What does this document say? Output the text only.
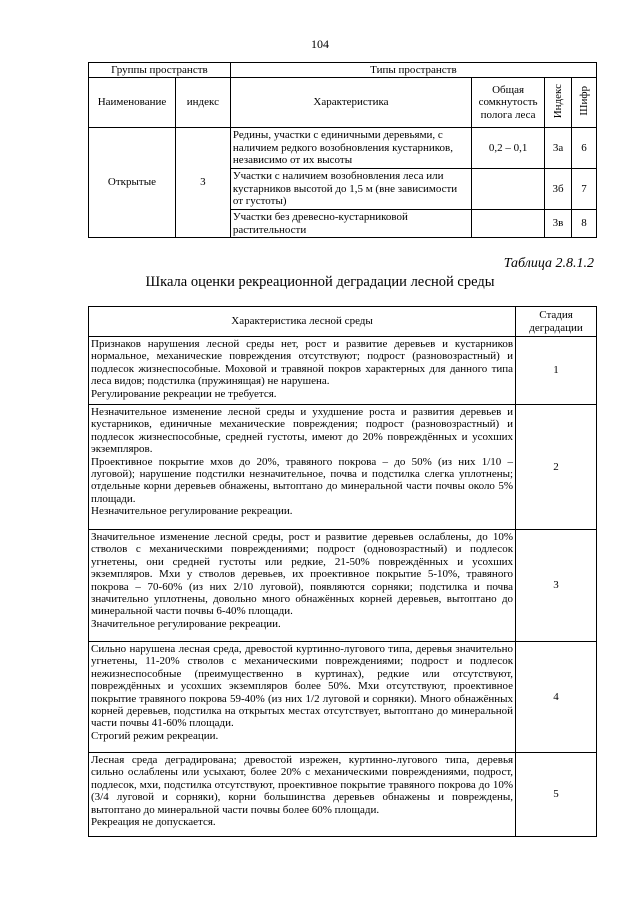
104
Группы пространств		Типы пространств			
Наименование	индекс	Характеристика	Общая сомкнутость полога леса	Индекс	Шифр
Открытые	3	Редины, участки с единичными деревьями, с наличием редкого возобновления кустарников, независимо от их высоты	0,2 – 0,1	3а	6
		Участки с наличием возобновления леса или кустарников высотой до 1,5 м (вне зависимости от густоты)		3б	7
		Участки без древесно-кустарниковой растительности		3в	8
Таблица 2.8.1.2
Шкала оценки рекреационной деградации лесной среды
Характеристика лесной среды	Стадия деградации

Признаков нарушения лесной среды нет, рост и развитие деревьев и кустарников нормальное, механические повреждения отсутствуют; подрост (разновозрастный) и подлесок жизнеспособные. Моховой и травяной покров характерных для данного типа леса видов; подстилка (пружинящая) не нарушена.

Регулирование рекреации не требуется.	1

Незначительное изменение лесной среды и ухудшение роста и развития деревьев и кустарников, единичные механические повреждения; подрост (разновозрастный) и подлесок жизнеспособные, средней густоты, имеют до 20% повреждённых и усохших экземпляров.

Проективное покрытие мхов до 20%, травяного покрова – до 50% (из них 1/10 – луговой); нарушение подстилки незначительное, почва и подстилка слегка уплотнены; отдельные корни деревьев обнажены, вытоптано до минеральной части почвы около 5% площади.

Незначительное регулирование рекреации.	2

Значительное изменение лесной среды, рост и развитие деревьев ослаблены, до 10% стволов с механическими повреждениями; подрост (одновозрастный) и подлесок угнетены, они средней густоты или редкие, 21-50% повреждённых и усохших экземпляров. Мхи у стволов деревьев, их проективное покрытие 5-10%, травяного покрова – 70-60% (из них 2/10 луговой), появляются сорняки; подстилка и почва значительно уплотнены, довольно много обнажённых корней деревьев, вытоптано до минеральной части почвы 6-40% площади.

Значительное регулирование рекреации.	3

Сильно нарушена лесная среда, древостой куртинно-лугового типа, деревья значительно угнетены, 11-20% стволов с механическими повреждениями; подрост и подлесок нежизнеспособные (преимущественно в куртинах), редкие или отсутствуют, повреждённых и усохших экземпляров более 50%. Мхи отсутствуют, проективное покрытие травяного покрова 59-40% (из них 1/2 луговой и сорняки). Много обнажённых корней деревьев, подстилка на открытых местах отсутствует, вытоптано до минеральной части почвы 41-60% площади.

Строгий режим рекреации.	4

Лесная среда деградирована; древостой изрежен, куртинно-лугового типа, деревья сильно ослаблены или усыхают, более 20% с механическими повреждениями, подрост, подлесок, мхи, подстилка отсутствуют, проективное покрытие травяного покрова до 10% (3/4 луговой и сорняки), корни большинства деревьев обнажены и повреждены, вытоптано до минеральной части почвы более 60% площади.

Рекреация не допускается.	5
